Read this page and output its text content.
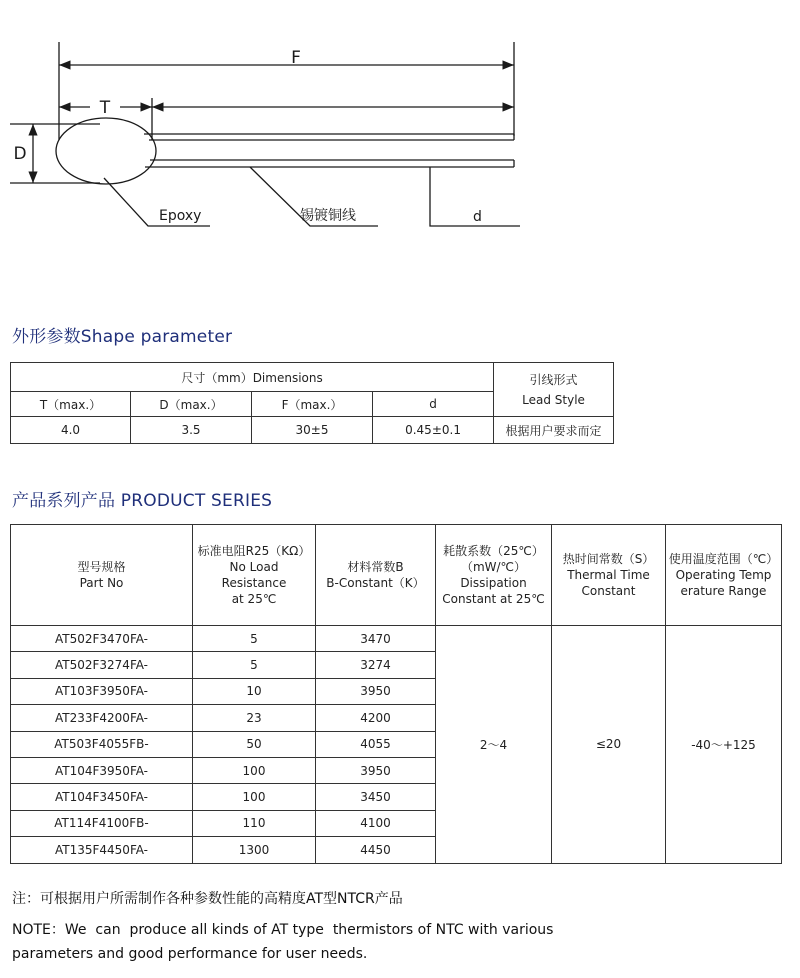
F
T
D
Epoxy	锡镀铜线	d
外形参数Shape parameter
尺寸（mm）Dimensions				引线形式
Lead Style

T（max.）	D（max.）	F（max.）	d	
4.0	3.5	30±5	0.45±0.1	根据用户要求而定
产品系列产品 PRODUCT SERIES
型号规格
Part No	标准电阻R25（KΩ）
No Load
Resistance
at 25℃	材料常数B
B-Constant（K）	耗散系数（25℃）
（mW/℃）
Dissipation
Constant at 25℃	热时间常数（S）
Thermal Time
Constant	使用温度范围（℃）
Operating Temp
erature Range

AT502F3470FA-	5	3470	2～4	≤20	-40～+125
AT502F3274FA-	5	3274			
AT103F3950FA-	10	3950			
AT233F4200FA-	23	4200			
AT503F4055FB-	50	4055			
AT104F3950FA-	100	3950			
AT104F3450FA-	100	3450			
AT114F4100FB-	110	4100			
AT135F4450FA-	1300	4450			
注：可根据用户所需制作各种参数性能的高精度AT型NTCR产品
NOTE：We  can  produce all kinds of AT type  thermistors of NTC with various
parameters and good performance for user needs.
